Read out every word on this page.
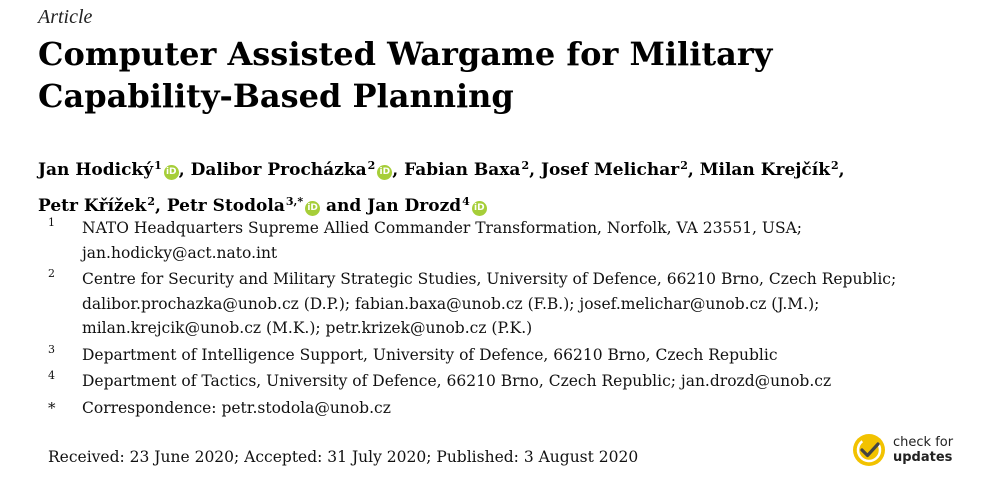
Article
Computer Assisted Wargame for Military
Capability-Based Planning
Jan Hodický$^1$ iD , Dalibor Procházka$^2$ iD , Fabian Baxa$^2$, Josef Melichar$^2$, Milan Krejčík$^2$,
Petr Křížek$^2$, Petr Stodola$^{3,*}$ iD and Jan Drozd$^4$ iD
1 NATO Headquarters Supreme Allied Commander Transformation, Norfolk, VA 23551, USA;
jan.hodicky@act.nato.int
2 Centre for Security and Military Strategic Studies, University of Defence, 66210 Brno, Czech Republic;
dalibor.prochazka@unob.cz (D.P.); fabian.baxa@unob.cz (F.B.); josef.melichar@unob.cz (J.M.);
milan.krejcik@unob.cz (M.K.); petr.krizek@unob.cz (P.K.)
3 Department of Intelligence Support, University of Defence, 66210 Brno, Czech Republic
4 Department of Tactics, University of Defence, 66210 Brno, Czech Republic; jan.drozd@unob.cz
* Correspondence: petr.stodola@unob.cz
Received: 23 June 2020; Accepted: 31 July 2020; Published: 3 August 2020
check for
updates
